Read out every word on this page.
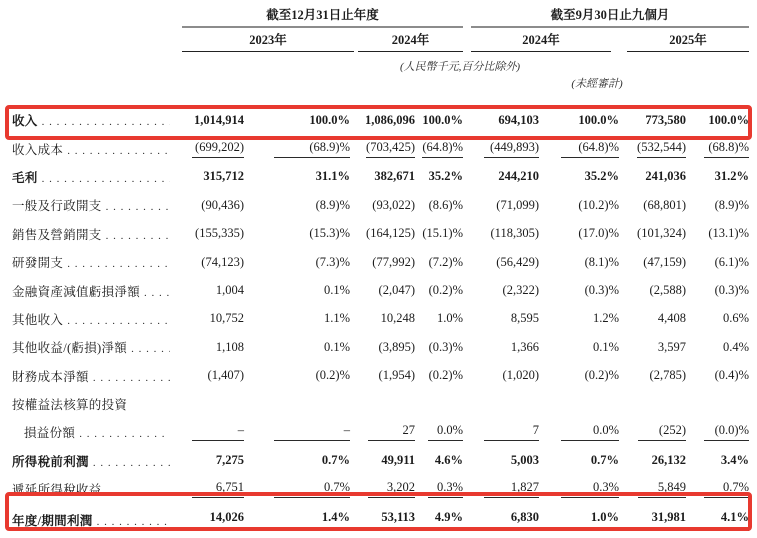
截至12月31日止年度	截至9月30日止九個月
2023年	2024年	2024年	2025年
(人民幣千元,百分比除外)
(未經審計)
收入 . . .	1,014,914	100.0%	1,086,096 100.0%	694,103	100.0%	773,580	100.0%
收入成本 . . .	(699,202)	(68.9)%	(703,425) (64.8)%	(449,893)	(64.8)%	(532,544)	(68.8)%
毛利 . . .	315,712	31.1%	382,671	35.2%	244,210	35.2%	241,036	31.2%
一般及行政開支 . . .	(90,436)	(8.9)%	(93,022)	(8.6)%	(71,099)	(10.2)%	(68,801)	(8.9)%
銷售及營銷開支 . . .	(155,335)	(15.3)%	(164,125) (15.1)%	(118,305)	(17.0)%	(101,324)	(13.1)%
研發開支 . . .	(74,123)	(7.3)%	(77,992)	(7.2)%	(56,429)	(8.1)%	(47,159)	(6.1)%
金融資產減值虧損淨額 . . .	1,004	0.1%	(2,047)	(0.2)%	(2,322)	(0.3)%	(2,588)	(0.3)%
其他收入 . . .	10,752	1.1%	10,248	1.0%	8,595	1.2%	4,408	0.6%
其他收益/(虧損)淨額 . . .	1,108	0.1%	(3,895)	(0.3)%	1,366	0.1%	3,597	0.4%
財務成本淨額 . . .	(1,407)	(0.2)%	(1,954)	(0.2)%	(1,020)	(0.2)%	(2,785)	(0.4)%
按權益法核算的投資
損益份額 . . .	–	–	27	0.0%	7	0.0%	(252)	(0.0)%
所得稅前利潤 . . .	7,275	0.7%	49,911	4.6%	5,003	0.7%	26,132	3.4%
遞延所得稅收益 . . .	6,751	0.7%	3,202	0.3%	1,827	0.3%	5,849	0.7%
年度/期間利潤 . . .	14,026	1.4%	53,113	4.9%	6,830	1.0%	31,981	4.1%
